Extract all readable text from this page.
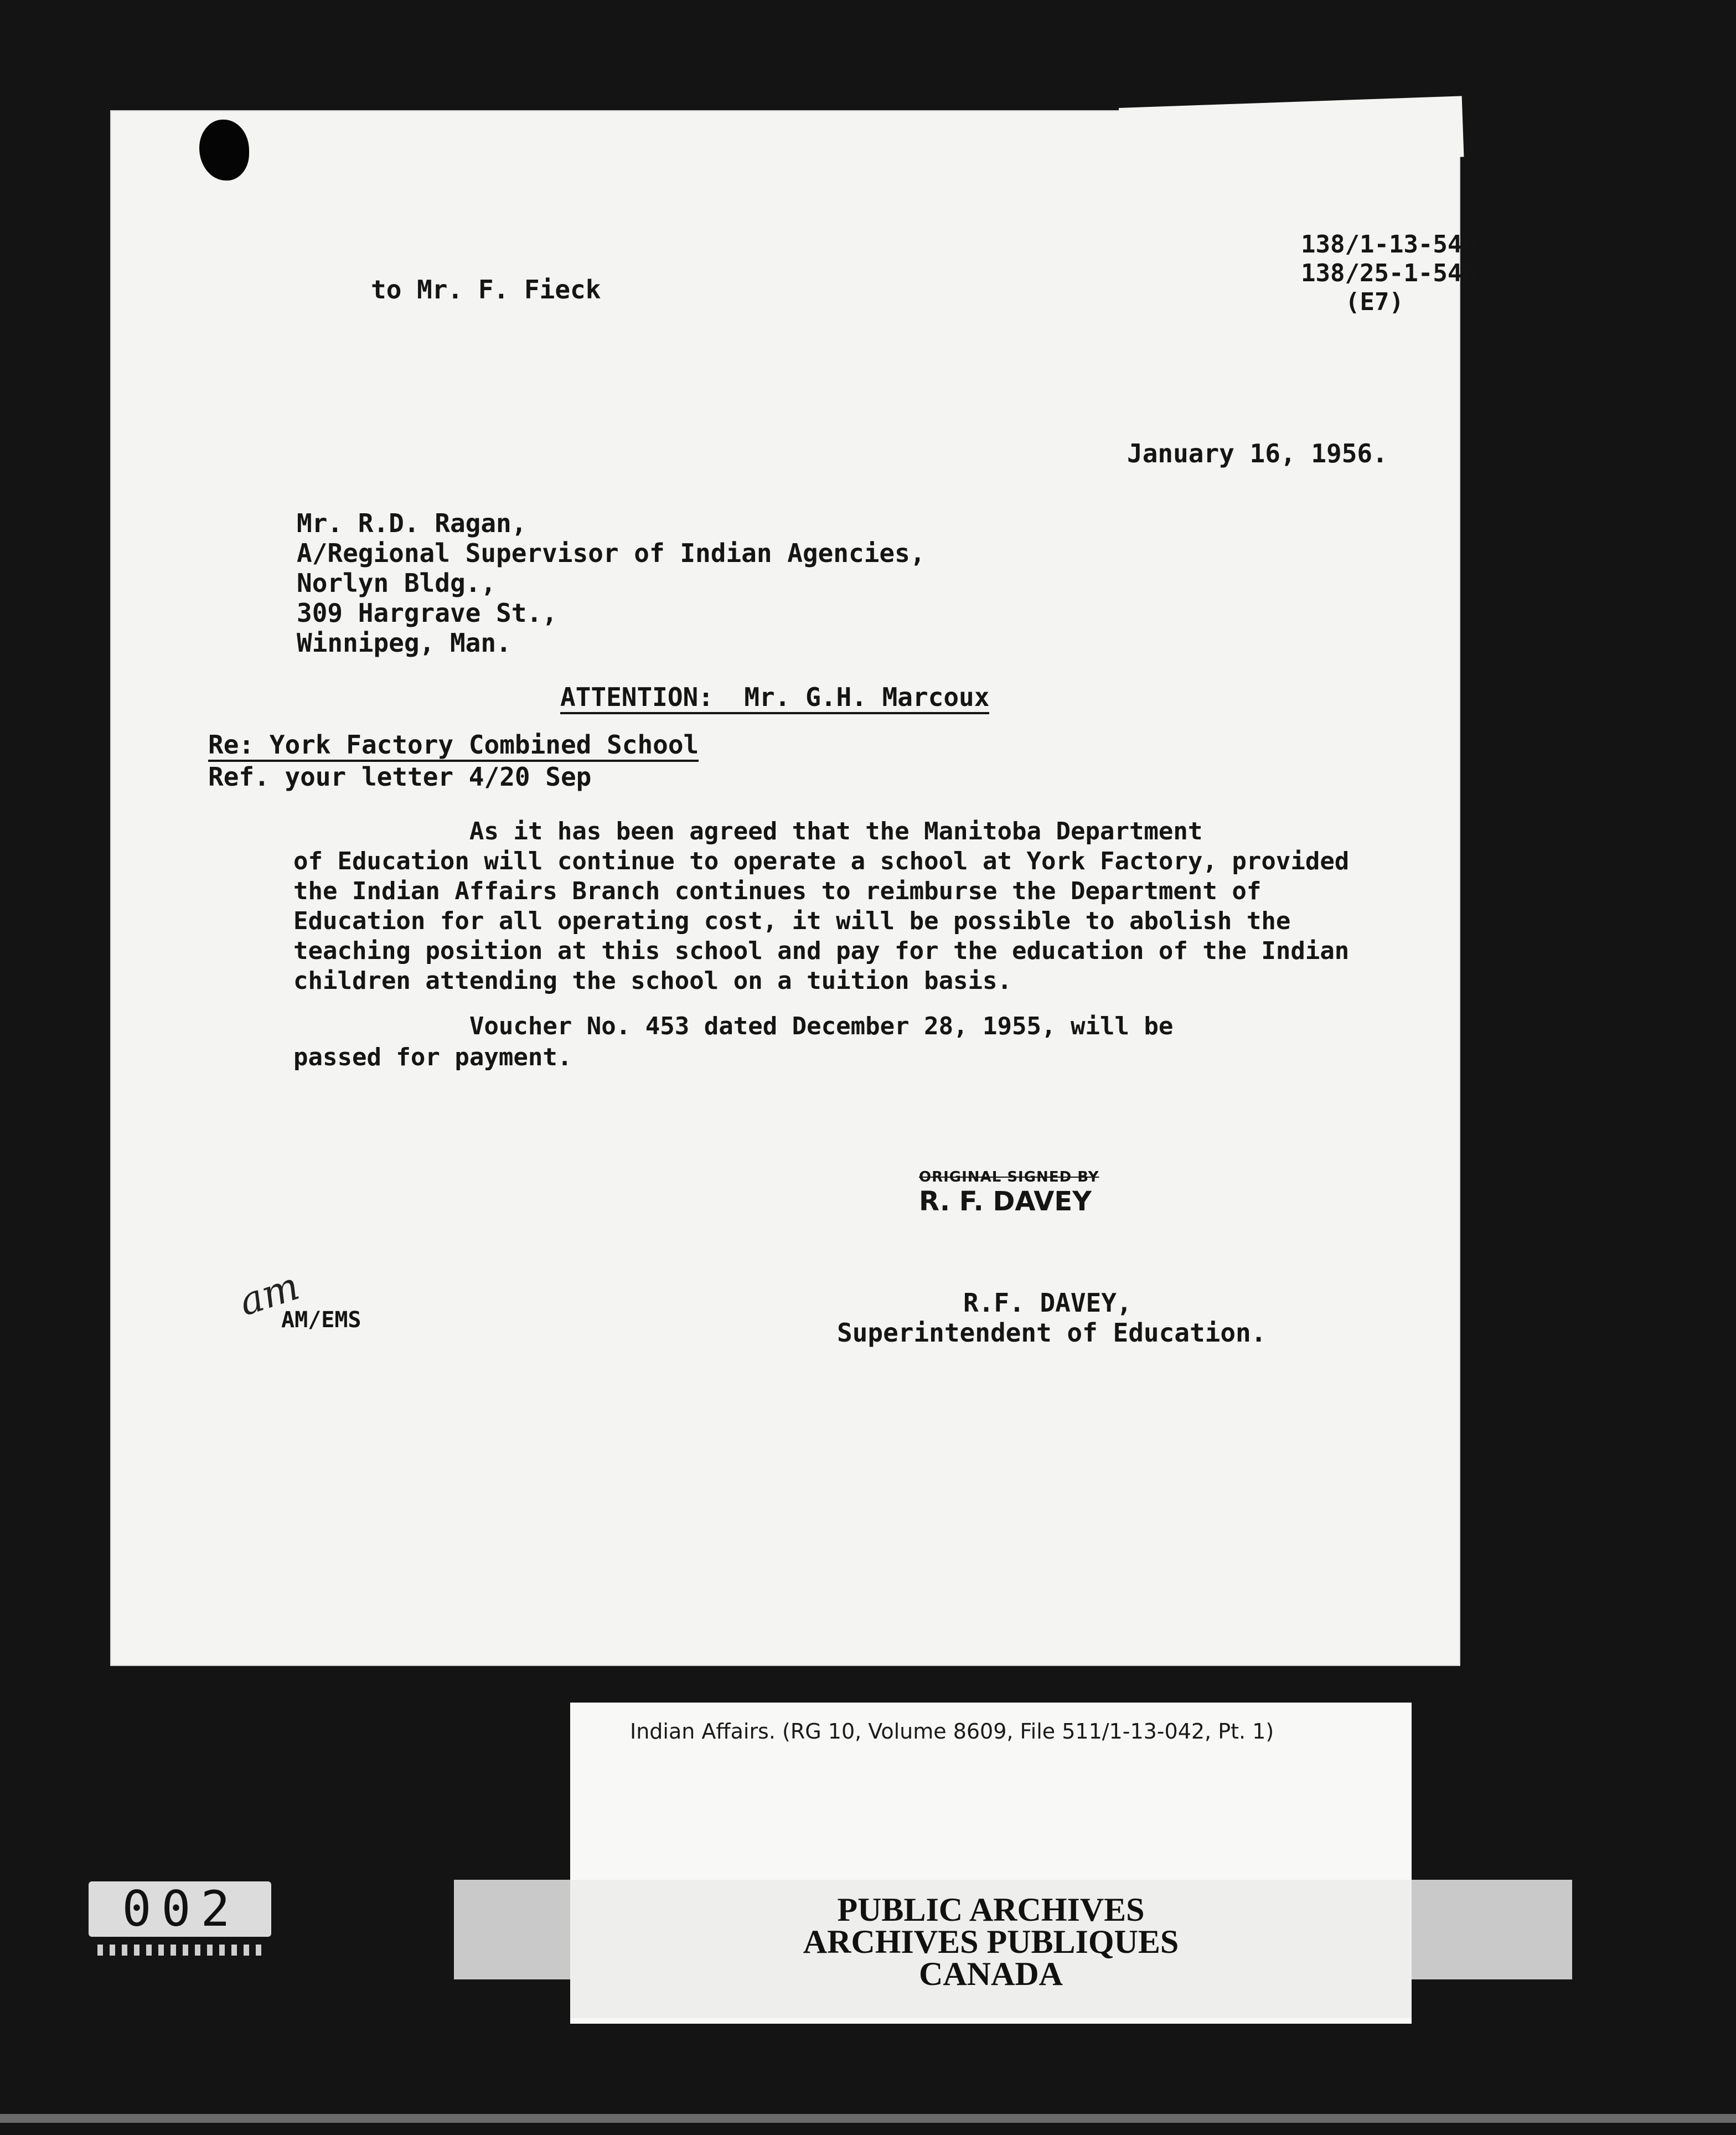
to Mr. F. Fieck
138/1-13-546
138/25-1-546
(E7)
January 16, 1956.
Mr. R.D. Ragan,
A/Regional Supervisor of Indian Agencies,
Norlyn Bldg.,
309 Hargrave St.,
Winnipeg, Man.
ATTENTION:  Mr. G.H. Marcoux
Re: York Factory Combined School
Ref. your letter 4/20 Sep
As it has been agreed that the Manitoba Department
of Education will continue to operate a school at York Factory, provided
the Indian Affairs Branch continues to reimburse the Department of
Education for all operating cost, it will be possible to abolish the
teaching position at this school and pay for the education of the Indian
children attending the school on a tuition basis.
Voucher No. 453 dated December 28, 1955, will be
passed for payment.
ORIGINAL SIGNED BY
R. F. DAVEY
am
AM/EMS
R.F. DAVEY,
Superintendent of Education.
Indian Affairs. (RG 10, Volume 8609, File 511/1-13-042, Pt. 1)
PUBLIC ARCHIVES
ARCHIVES PUBLIQUES
CANADA
002
